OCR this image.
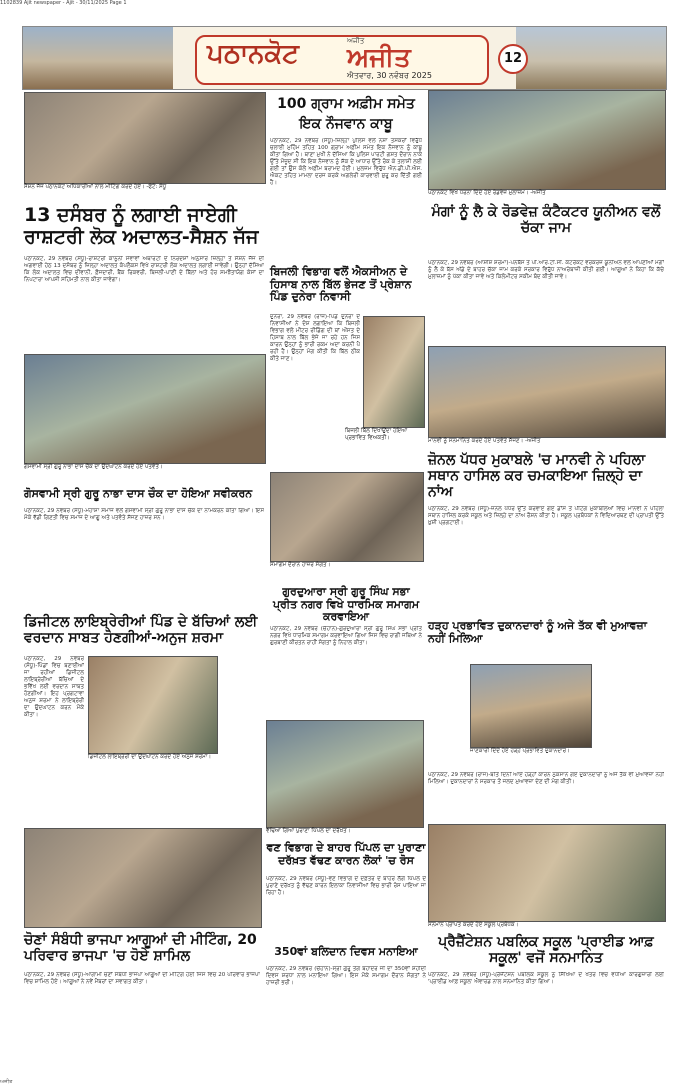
1102839 Ajit newspaper - Ajit - 30/11/2025 Page 1
ਪਠਾਨਕੋਟ	ਅਜੀਤ
ਅਜੀਤ
ਐਤਵਾਰ, 30 ਨਵੰਬਰ 2025
12
ਸੈਸ਼ਨ ਜੱਜ ਪਠਾਨਕੋਟ ਅਧਿਕਾਰੀਆਂ ਨਾਲ ਮੀਟਿੰਗ ਕਰਦੇ ਹੋਏ। -ਫੋਟੋ: ਸੰਧੂ
13 ਦਸੰਬਰ ਨੂੰ ਲਗਾਈ ਜਾਏਗੀ ਰਾਸ਼ਟਰੀ ਲੋਕ ਅਦਾਲਤ-ਸੈਸ਼ਨ ਜੱਜ
ਪਠਾਨਕੋਟ, 29 ਨਵੰਬਰ (ਸੰਧੂ)-ਰਾਸ਼ਟਰੀ ਕਾਨੂੰਨੀ ਸੇਵਾਵਾਂ ਅਥਾਰਟੀ ਦੇ ਨਿਰਦੇਸ਼ਾਂ ਅਨੁਸਾਰ ਜ਼ਿਲ੍ਹਾ ਤੇ ਸੈਸ਼ਨ ਜੱਜ ਦੀ ਅਗਵਾਈ ਹੇਠ 13 ਦਸੰਬਰ ਨੂੰ ਜ਼ਿਲ੍ਹਾ ਅਦਾਲਤ ਕੰਪਲੈਕਸ ਵਿਖੇ ਰਾਸ਼ਟਰੀ ਲੋਕ ਅਦਾਲਤ ਲਗਾਈ ਜਾਵੇਗੀ। ਉਨ੍ਹਾਂ ਦੱਸਿਆ ਕਿ ਲੋਕ ਅਦਾਲਤ ਵਿਚ ਦੀਵਾਨੀ, ਫ਼ੌਜਦਾਰੀ, ਬੈਂਕ ਰਿਕਵਰੀ, ਬਿਜਲੀ-ਪਾਣੀ ਦੇ ਬਿੱਲਾਂ ਅਤੇ ਹੋਰ ਸਮਝੌਤਾਯੋਗ ਕੇਸਾਂ ਦਾ ਨਿਪਟਾਰਾ ਆਪਸੀ ਸਹਿਮਤੀ ਨਾਲ ਕੀਤਾ ਜਾਵੇਗਾ।
100 ਗ੍ਰਾਮ ਅਫ਼ੀਮ ਸਮੇਤ
ਇਕ ਨੌਜਵਾਨ ਕਾਬੂ
ਪਠਾਨਕੋਟ, 29 ਨਵੰਬਰ (ਸੰਧੂ)-ਜ਼ਿਲ੍ਹਾ ਪੁਲਿਸ ਵਲੋਂ ਨਸ਼ਾ ਤਸਕਰਾਂ ਵਿਰੁੱਧ ਚਲਾਈ ਮੁਹਿੰਮ ਤਹਿਤ 100 ਗ੍ਰਾਮ ਅਫ਼ੀਮ ਸਮੇਤ ਇਕ ਨੌਜਵਾਨ ਨੂੰ ਕਾਬੂ ਕੀਤਾ ਗਿਆ ਹੈ। ਥਾਣਾ ਮੁਖੀ ਨੇ ਦੱਸਿਆ ਕਿ ਪੁਲਿਸ ਪਾਰਟੀ ਗਸ਼ਤ ਦੌਰਾਨ ਨਾਕੇ ਉੱਤੇ ਮੌਜੂਦ ਸੀ ਕਿ ਇਕ ਨੌਜਵਾਨ ਨੂੰ ਸ਼ੱਕ ਦੇ ਆਧਾਰ ਉੱਤੇ ਰੋਕ ਕੇ ਤਲਾਸ਼ੀ ਲਈ ਗਈ ਤਾਂ ਉਸ ਕੋਲੋਂ ਅਫ਼ੀਮ ਬਰਾਮਦ ਹੋਈ। ਮੁਲਜ਼ਮ ਵਿਰੁੱਧ ਐਨ.ਡੀ.ਪੀ.ਐਸ. ਐਕਟ ਤਹਿਤ ਮਾਮਲਾ ਦਰਜ ਕਰਕੇ ਅਗਲੇਰੀ ਕਾਰਵਾਈ ਸ਼ੁਰੂ ਕਰ ਦਿੱਤੀ ਗਈ ਹੈ।
ਪਠਾਨਕੋਟ ਵਿਖੇ ਧਰਨਾ ਦਿੰਦੇ ਹੋਏ ਰੋਡਵੇਜ਼ ਮੁਲਾਜ਼ਮ। -ਅਜੀਤ
ਮੰਗਾਂ ਨੂੰ ਲੈ ਕੇ ਰੋਡਵੇਜ਼ ਕੰਟੈਕਟਰ ਯੂਨੀਅਨ ਵਲੋਂ ਚੱਕਾ ਜਾਮ
ਪਠਾਨਕੋਟ, 29 ਨਵੰਬਰ (ਆਸ਼ੀਸ਼ ਸ਼ਰਮਾ)-ਪਨਬੱਸ ਤੇ ਪੀ.ਆਰ.ਟੀ.ਸੀ. ਕੰਟਰੈਕਟ ਵਰਕਰਜ਼ ਯੂਨੀਅਨ ਵਲੋਂ ਆਪਣੀਆਂ ਮੰਗਾਂ ਨੂੰ ਲੈ ਕੇ ਬੱਸ ਅੱਡੇ ਦੇ ਬਾਹਰ ਚੱਕਾ ਜਾਮ ਕਰਕੇ ਸਰਕਾਰ ਵਿਰੁੱਧ ਨਾਅਰੇਬਾਜ਼ੀ ਕੀਤੀ ਗਈ। ਆਗੂਆਂ ਨੇ ਕਿਹਾ ਕਿ ਕੱਚੇ ਮੁਲਾਜ਼ਮਾਂ ਨੂੰ ਪੱਕਾ ਕੀਤਾ ਜਾਵੇ ਅਤੇ ਕਿਲੋਮੀਟਰ ਸਕੀਮ ਬੰਦ ਕੀਤੀ ਜਾਵੇ।
ਬਿਜਲੀ ਵਿਭਾਗ ਵਲੋਂ ਐਕਸੀਅਨ ਦੇ ਹਿਸਾਬ ਨਾਲ ਬਿੱਲ ਭੇਜਣ ਤੋਂ ਪ੍ਰੇਸ਼ਾਨ ਪਿੰਡ ਦੁਨੇਰਾ ਨਿਵਾਸੀ
ਦੁਨੇਰਾ, 29 ਨਵੰਬਰ (ਰਾਜ)-ਪਿੰਡ ਦੁਨੇਰਾ ਦੇ ਨਿਵਾਸੀਆਂ ਨੇ ਦੋਸ਼ ਲਗਾਇਆ ਕਿ ਬਿਜਲੀ ਵਿਭਾਗ ਵਲੋਂ ਮੀਟਰ ਰੀਡਿੰਗ ਦੀ ਥਾਂ ਔਸਤ ਦੇ ਹਿਸਾਬ ਨਾਲ ਬਿੱਲ ਭੇਜੇ ਜਾ ਰਹੇ ਹਨ ਜਿਸ ਕਾਰਨ ਉਨ੍ਹਾਂ ਨੂੰ ਭਾਰੀ ਰਕਮ ਅਦਾ ਕਰਨੀ ਪੈ ਰਹੀ ਹੈ। ਉਨ੍ਹਾਂ ਮੰਗ ਕੀਤੀ ਕਿ ਬਿੱਲ ਠੀਕ ਕੀਤੇ ਜਾਣ।
ਬਿਜਲੀ ਬਿੱਲ ਦਿਖਾਉਂਦਾ ਹੋਇਆ ਪ੍ਰਭਾਵਿਤ ਵਿਅਕਤੀ।	ਮਾਨਵੀ ਨੂੰ ਸਨਮਾਨਿਤ ਕਰਦੇ ਹੋਏ ਪਤਵੰਤੇ ਸੱਜਣ। -ਅਜੀਤ
ਜ਼ੋਨਲ ਪੱਧਰ ਮੁਕਾਬਲੇ 'ਚ ਮਾਨਵੀ ਨੇ ਪਹਿਲਾ ਸਥਾਨ ਹਾਸਿਲ ਕਰ ਚਮਕਾਇਆ ਜ਼ਿਲ੍ਹੇ ਦਾ ਨਾਂਅ
ਪਠਾਨਕੋਟ, 29 ਨਵੰਬਰ (ਸੰਧੂ)-ਜ਼ੋਨਲ ਪੱਧਰ ਉੱਤੇ ਕਰਵਾਏ ਗਏ ਡਾਂਸ ਤੇ ਪੇਂਟਿੰਗ ਮੁਕਾਬਲਿਆਂ ਵਿਚ ਮਾਨਵੀ ਨੇ ਪਹਿਲਾ ਸਥਾਨ ਹਾਸਿਲ ਕਰਕੇ ਸਕੂਲ ਅਤੇ ਜ਼ਿਲ੍ਹੇ ਦਾ ਨਾਂਅ ਰੌਸ਼ਨ ਕੀਤਾ ਹੈ। ਸਕੂਲ ਪ੍ਰਬੰਧਕਾਂ ਨੇ ਵਿਦਿਆਰਥਣ ਦੀ ਪ੍ਰਾਪਤੀ ਉੱਤੇ ਖ਼ੁਸ਼ੀ ਪ੍ਰਗਟਾਈ।
ਗੋਸਵਾਮੀ ਸ੍ਰੀ ਗੁਰੂ ਨਾਭਾ ਦਾਸ ਚੌਕ ਦਾ ਉਦਘਾਟਨ ਕਰਦੇ ਹੋਏ ਪਤਵੰਤੇ।
ਗੋਸਵਾਮੀ ਸ੍ਰੀ ਗੁਰੂ ਨਾਭਾ ਦਾਸ ਚੌਕ ਦਾ ਹੋਇਆ ਸਵੀਕਰਨ
ਪਠਾਨਕੋਟ, 29 ਨਵੰਬਰ (ਸੰਧੂ)-ਮਹਾਸ਼ਾ ਸਮਾਜ ਵਲੋਂ ਗੋਸਵਾਮੀ ਸ੍ਰੀ ਗੁਰੂ ਨਾਭਾ ਦਾਸ ਚੌਕ ਦਾ ਨਾਮਕਰਨ ਕੀਤਾ ਗਿਆ। ਇਸ ਮੌਕੇ ਵੱਡੀ ਗਿਣਤੀ ਵਿਚ ਸਮਾਜ ਦੇ ਆਗੂ ਅਤੇ ਪਤਵੰਤੇ ਸੱਜਣ ਹਾਜ਼ਰ ਸਨ।
ਸਮਾਗਮ ਦੌਰਾਨ ਹਾਜ਼ਰ ਸੰਗਤ।
ਗੁਰਦੁਆਰਾ ਸ੍ਰੀ ਗੁਰੂ ਸਿੰਘ ਸਭਾ ਪ੍ਰੀਤ ਨਗਰ ਵਿਖੇ ਧਾਰਮਿਕ ਸਮਾਗਮ ਕਰਵਾਇਆ
ਪਠਾਨਕੋਟ, 29 ਨਵੰਬਰ (ਚੌਹਾਨ)-ਗੁਰਦੁਆਰਾ ਸ੍ਰੀ ਗੁਰੂ ਸਿੰਘ ਸਭਾ ਪ੍ਰੀਤ ਨਗਰ ਵਿਖੇ ਧਾਰਮਿਕ ਸਮਾਗਮ ਕਰਵਾਇਆ ਗਿਆ ਜਿਸ ਵਿਚ ਰਾਗੀ ਜਥਿਆਂ ਨੇ ਗੁਰਬਾਣੀ ਕੀਰਤਨ ਰਾਹੀਂ ਸੰਗਤਾਂ ਨੂੰ ਨਿਹਾਲ ਕੀਤਾ।
ਡਿਜੀਟਲ ਲਾਇਬ੍ਰੇਰੀਆਂ ਪਿੰਡ ਦੇ ਬੱਚਿਆਂ ਲਈ ਵਰਦਾਨ ਸਾਬਤ ਹੋਣਗੀਆਂ-ਅਨੁਜ ਸ਼ਰਮਾ
ਪਠਾਨਕੋਟ, 29 ਨਵੰਬਰ (ਸੰਧੂ)-ਪਿੰਡਾਂ ਵਿਚ ਬਣਾਈਆਂ ਜਾ ਰਹੀਆਂ ਡਿਜੀਟਲ ਲਾਇਬ੍ਰੇਰੀਆਂ ਬੱਚਿਆਂ ਦੇ ਭਵਿੱਖ ਲਈ ਵਰਦਾਨ ਸਾਬਤ ਹੋਣਗੀਆਂ। ਇਹ ਪ੍ਰਗਟਾਵਾ ਅਨੁਜ ਸ਼ਰਮਾ ਨੇ ਲਾਇਬ੍ਰੇਰੀ ਦਾ ਉਦਘਾਟਨ ਕਰਨ ਮੌਕੇ ਕੀਤਾ।
ਡਿਜੀਟਲ ਲਾਇਬ੍ਰੇਰੀ ਦਾ ਉਦਘਾਟਨ ਕਰਦੇ ਹੋਏ ਅਨੁਜ ਸ਼ਰਮਾ।
ਹੜ੍ਹ ਪ੍ਰਭਾਵਿਤ ਦੁਕਾਨਦਾਰਾਂ ਨੂੰ ਅਜੇ ਤੱਕ ਵੀ ਮੁਆਵਜ਼ਾ ਨਹੀਂ ਮਿਲਿਆ
ਜਾਣਕਾਰੀ ਦਿੰਦੇ ਹੋਏ ਹੜ੍ਹ ਪ੍ਰਭਾਵਿਤ ਦੁਕਾਨਦਾਰ।
ਪਠਾਨਕੋਟ, 29 ਨਵੰਬਰ (ਰਾਜ)-ਬੀਤੇ ਦਿਨੀਂ ਆਏ ਹੜ੍ਹਾਂ ਕਾਰਨ ਨੁਕਸਾਨੇ ਗਏ ਦੁਕਾਨਦਾਰਾਂ ਨੂੰ ਅਜੇ ਤੱਕ ਵੀ ਮੁਆਵਜ਼ਾ ਨਹੀਂ ਮਿਲਿਆ। ਦੁਕਾਨਦਾਰਾਂ ਨੇ ਸਰਕਾਰ ਤੋਂ ਜਲਦ ਮੁਆਵਜ਼ਾ ਦੇਣ ਦੀ ਮੰਗ ਕੀਤੀ।
ਵੱਢਿਆ ਗਿਆ ਪੁਰਾਣਾ ਪਿੱਪਲ ਦਾ ਦਰੱਖ਼ਤ।
ਵਣ ਵਿਭਾਗ ਦੇ ਬਾਹਰ ਪਿੱਪਲ ਦਾ ਪੁਰਾਣਾ ਦਰੱਖ਼ਤ ਵੱਢਣ ਕਾਰਨ ਲੋਕਾਂ 'ਚ ਰੋਸ
ਪਠਾਨਕੋਟ, 29 ਨਵੰਬਰ (ਸੰਧੂ)-ਵਣ ਵਿਭਾਗ ਦੇ ਦਫ਼ਤਰ ਦੇ ਬਾਹਰ ਲੱਗੇ ਪਿੱਪਲ ਦੇ ਪੁਰਾਣੇ ਦਰੱਖ਼ਤ ਨੂੰ ਵੱਢਣ ਕਾਰਨ ਇਲਾਕਾ ਨਿਵਾਸੀਆਂ ਵਿਚ ਭਾਰੀ ਰੋਸ ਪਾਇਆ ਜਾ ਰਿਹਾ ਹੈ।
ਚੋਣਾਂ ਸੰਬੰਧੀ ਭਾਜਪਾ ਆਗੂਆਂ ਦੀ ਮੀਟਿੰਗ, 20 ਪਰਿਵਾਰ ਭਾਜਪਾ 'ਚ ਹੋਏ ਸ਼ਾਮਿਲ
ਪਠਾਨਕੋਟ, 29 ਨਵੰਬਰ (ਸੰਧੂ)-ਆਗਾਮੀ ਚੋਣਾਂ ਸੰਬੰਧੀ ਭਾਜਪਾ ਆਗੂਆਂ ਦੀ ਮੀਟਿੰਗ ਹੋਈ ਜਿਸ ਵਿਚ 20 ਪਰਿਵਾਰ ਭਾਜਪਾ ਵਿਚ ਸ਼ਾਮਿਲ ਹੋਏ। ਆਗੂਆਂ ਨੇ ਨਵੇਂ ਮੈਂਬਰਾਂ ਦਾ ਸਵਾਗਤ ਕੀਤਾ।
350ਵਾਂ ਬਲਿਦਾਨ ਦਿਵਸ ਮਨਾਇਆ
ਪਠਾਨਕੋਟ, 29 ਨਵੰਬਰ (ਚੌਹਾਨ)-ਸ੍ਰੀ ਗੁਰੂ ਤੇਗ ਬਹਾਦਰ ਜੀ ਦਾ 350ਵਾਂ ਸ਼ਹੀਦੀ ਦਿਵਸ ਸ਼ਰਧਾ ਨਾਲ ਮਨਾਇਆ ਗਿਆ। ਇਸ ਮੌਕੇ ਸਮਾਗਮ ਦੌਰਾਨ ਸੰਗਤਾਂ ਨੇ ਹਾਜ਼ਰੀ ਭਰੀ।
ਸਨਮਾਨ ਪ੍ਰਾਪਤ ਕਰਦੇ ਹੋਏ ਸਕੂਲ ਪ੍ਰਬੰਧਕ।
ਪ੍ਰੈਜ਼ੈਂਟੇਸ਼ਨ ਪਬਲਿਕ ਸਕੂਲ 'ਪ੍ਰਾਈਡ ਆਫ਼ ਸਕੂਲ' ਵਜੋਂ ਸਨਮਾਨਿਤ
ਪਠਾਨਕੋਟ, 29 ਨਵੰਬਰ (ਸੰਧੂ)-ਪ੍ਰੈਜ਼ੈਂਟੇਸ਼ਨ ਪਬਲਿਕ ਸਕੂਲ ਨੂੰ ਸਿੱਖਿਆ ਦੇ ਖੇਤਰ ਵਿਚ ਵਧੀਆ ਕਾਰਗੁਜ਼ਾਰੀ ਲਈ 'ਪ੍ਰਾਈਡ ਆਫ਼ ਸਕੂਲ' ਐਵਾਰਡ ਨਾਲ ਸਨਮਾਨਿਤ ਕੀਤਾ ਗਿਆ।
ਅਜੀਤ
